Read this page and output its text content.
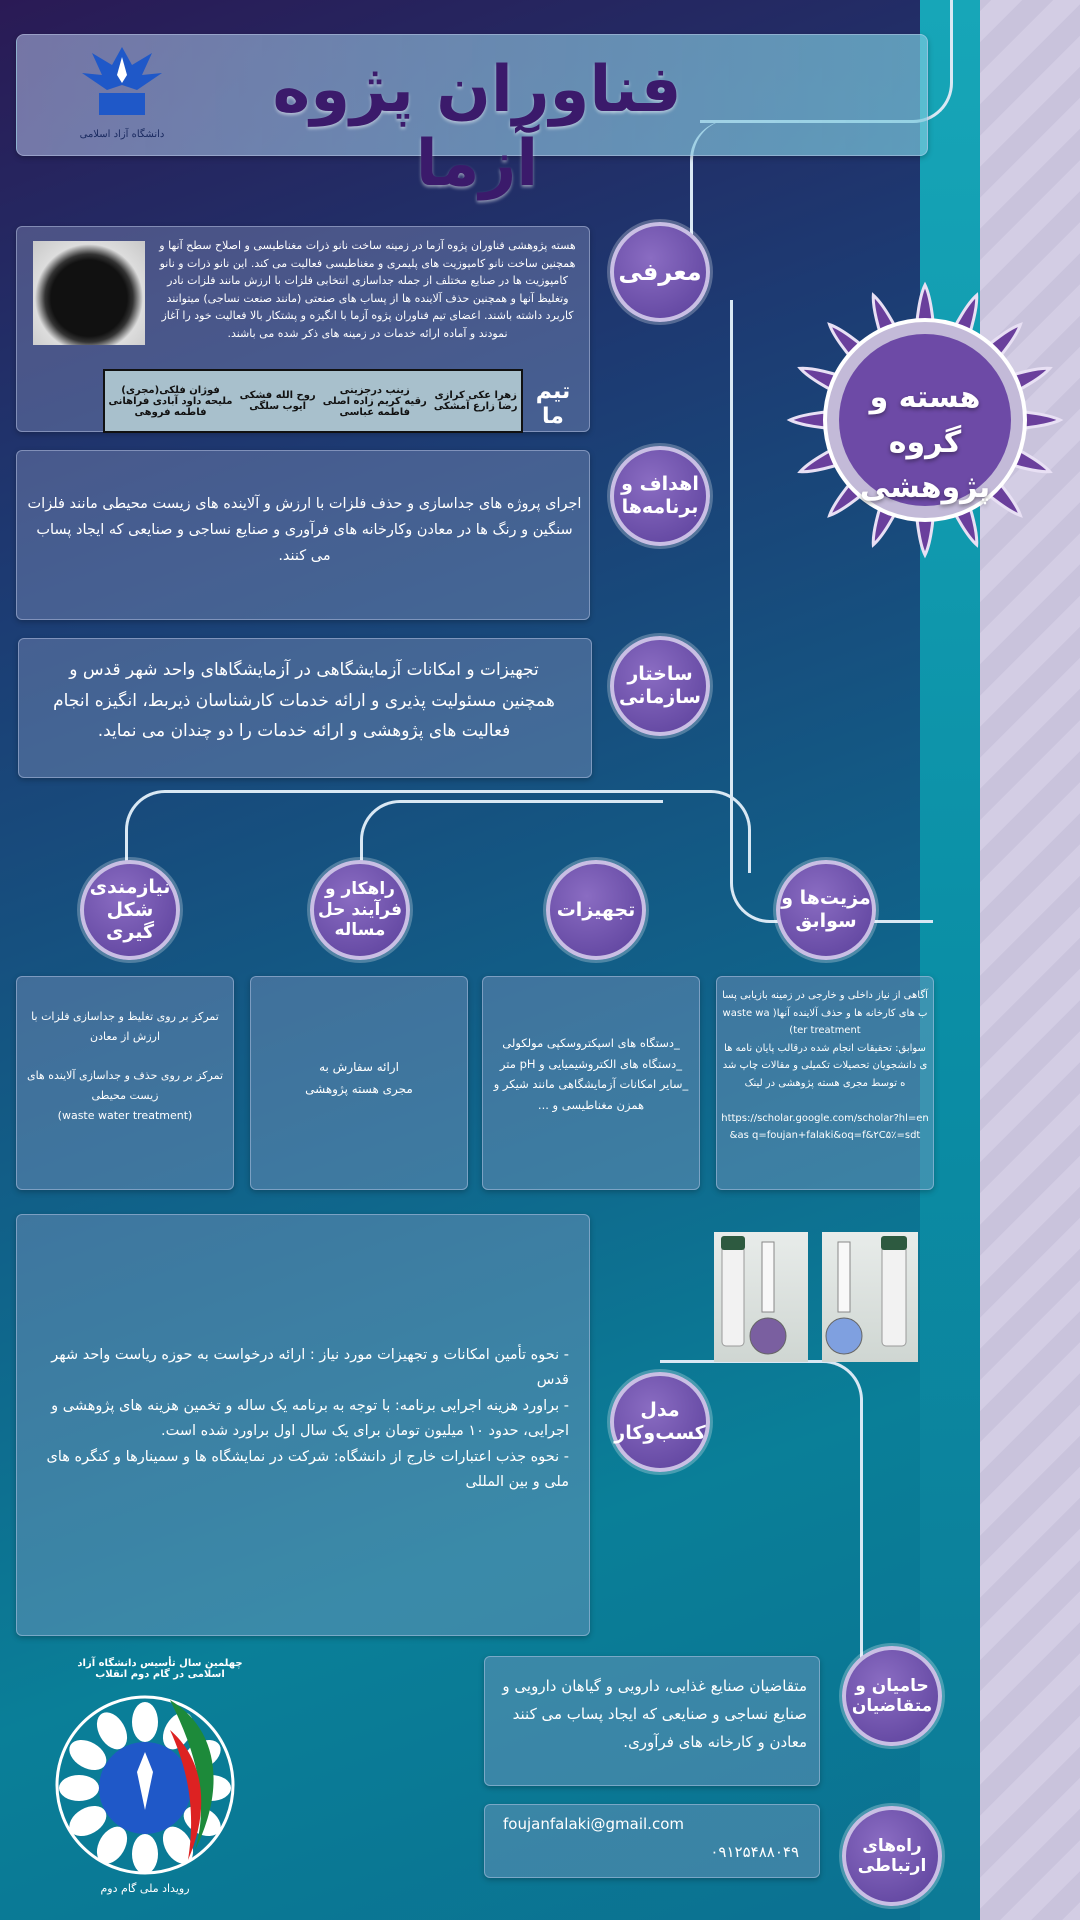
فناوران پژوه آزما
دانشگاه آزاد اسلامی
هسته و گروه پژوهشی
هسته پژوهشی فناوران پژوه آزما در زمینه ساخت نانو ذرات مغناطیسی و اصلاح سطح آنها و همچنین ساخت نانو کامپوزیت های پلیمری و مغناطیسی فعالیت می کند. این نانو ذرات و نانو کامپوزیت ها در صنایع مختلف از جمله جداسازی انتخابی فلزات با ارزش مانند فلزات نادر وتغلیظ آنها و همچنین حذف آلاینده ها از پساب های صنعتی (مانند صنعت نساجی) میتوانند کاربرد داشته باشند. اعضای تیم فناوران پژوه آزما با انگیزه و پشتکار بالا فعالیت خود را آغاز نمودند و آماده ارائه خدمات در زمینه های ذکر شده می باشند.
فوژان فلکی(مجری)
ملیحه داود آبادی فراهانی
فاطمه فروهی
روح الله فشکی
ایوب سلگی
زینب درجزینی
رقیه کریم زاده اصلی
فاطمه عباسی
زهرا عکی کرازی
رضا زارع آمشکی
تیم ما
معرفی
اجرای پروژه های جداسازی و حذف فلزات با ارزش و آلاینده های زیست محیطی مانند فلزات سنگین و رنگ ها در معادن وکارخانه های فرآوری و صنایع نساجی و صنایعی که ایجاد پساب می کنند.
اهداف و برنامه‌ها
تجهیزات و امکانات آزمایشگاهی در آزمایشگاهای واحد شهر قدس و همچنین مسئولیت پذیری و ارائه خدمات کارشناسان ذیربط، انگیزه انجام فعالیت های پژوهشی و ارائه خدمات را دو چندان می نماید.
ساختار سازمانی
نیازمندی شکل گیری
راهکار و فرآیند حل مساله
تجهیزات
مزیت‌ها و سوابق
تمرکز بر روی تغلیظ و جداسازی فلزات با ارزش از معادن

تمرکز بر روی حذف و جداسازی آلاینده های زیست محیطی
(waste water treatment)
ارائه سفارش به
مجری هسته پژوهشی
_دستگاه های اسپکتروسکپی مولکولی
_دستگاه های الکتروشیمیایی و pH متر
_سایر امکانات آزمایشگاهی مانند شیکر و همزن مغناطیسی و ...
آگاهی از نیاز داخلی و خارجی در زمینه بازیابی پساب های کارخانه ها و حذف آلاینده آنها( waste water treatment)
سوابق: تحقیقات انجام شده درقالب پایان نامه های دانشجویان تحصیلات تکمیلی و مقالات چاپ شده توسط مجری هسته پژوهشی در لینک

https://scholar.google.com/scholar?hl=en&as q=foujan+falaki&oq=f&۲C۵٪=sdt
- نحوه تأمین امکانات و تجهیزات مورد نیاز : ارائه درخواست به حوزه ریاست واحد شهر قدس
- براورد هزینه اجرایی برنامه: با توجه به برنامه یک ساله و تخمین هزینه های پژوهشی و اجرایی، حدود ۱۰ میلیون تومان برای یک سال اول براورد شده است.
- نحوه جذب اعتبارات خارج از دانشگاه: شرکت در نمایشگاه ها و سمینارها و کنگره های ملی و بین المللی
مدل کسب‌و‌کار
متقاضیان صنایع غذایی، دارویی و گیاهان دارویی و صنایع نساجی و صنایعی که ایجاد پساب می کنند معادن و کارخانه های فرآوری.
حامیان و متقاضیان
foujanfalaki@gmail.com
۰۹۱۲۵۴۸۸۰۴۹	راه‌های ارتباطی
چهلمین سال تأسیس دانشگاه آزاد اسلامی در گام دوم انقلاب
رویداد ملی گام دوم
